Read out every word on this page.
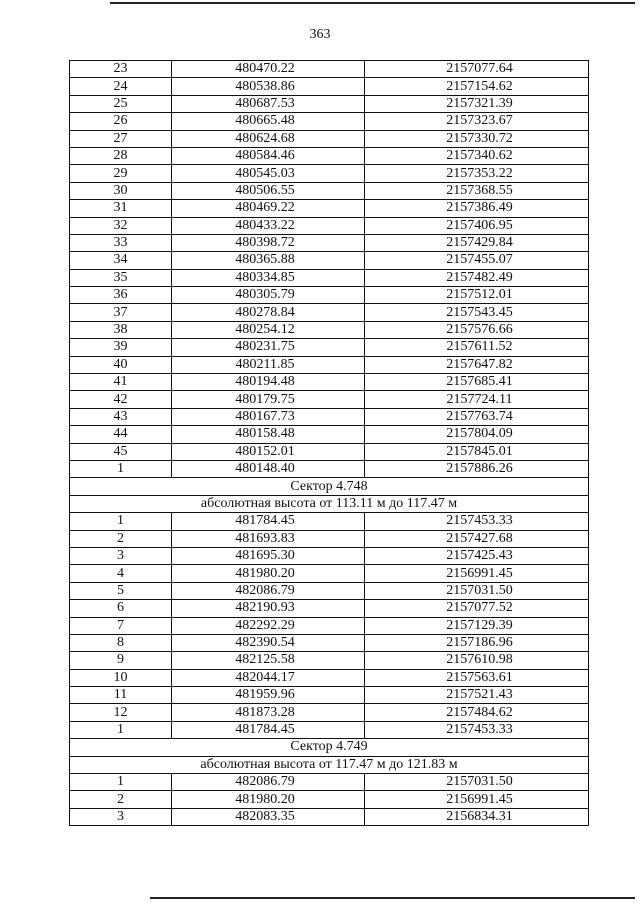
363
23	480470.22	2157077.64
24	480538.86	2157154.62
25	480687.53	2157321.39
26	480665.48	2157323.67
27	480624.68	2157330.72
28	480584.46	2157340.62
29	480545.03	2157353.22
30	480506.55	2157368.55
31	480469.22	2157386.49
32	480433.22	2157406.95
33	480398.72	2157429.84
34	480365.88	2157455.07
35	480334.85	2157482.49
36	480305.79	2157512.01
37	480278.84	2157543.45
38	480254.12	2157576.66
39	480231.75	2157611.52
40	480211.85	2157647.82
41	480194.48	2157685.41
42	480179.75	2157724.11
43	480167.73	2157763.74
44	480158.48	2157804.09
45	480152.01	2157845.01
1	480148.40	2157886.26
Сектор 4.748		
абсолютная высота от 113.11 м до 117.47 м		
1	481784.45	2157453.33
2	481693.83	2157427.68
3	481695.30	2157425.43
4	481980.20	2156991.45
5	482086.79	2157031.50
6	482190.93	2157077.52
7	482292.29	2157129.39
8	482390.54	2157186.96
9	482125.58	2157610.98
10	482044.17	2157563.61
11	481959.96	2157521.43
12	481873.28	2157484.62
1	481784.45	2157453.33
Сектор 4.749		
абсолютная высота от 117.47 м до 121.83 м		
1	482086.79	2157031.50
2	481980.20	2156991.45
3	482083.35	2156834.31
